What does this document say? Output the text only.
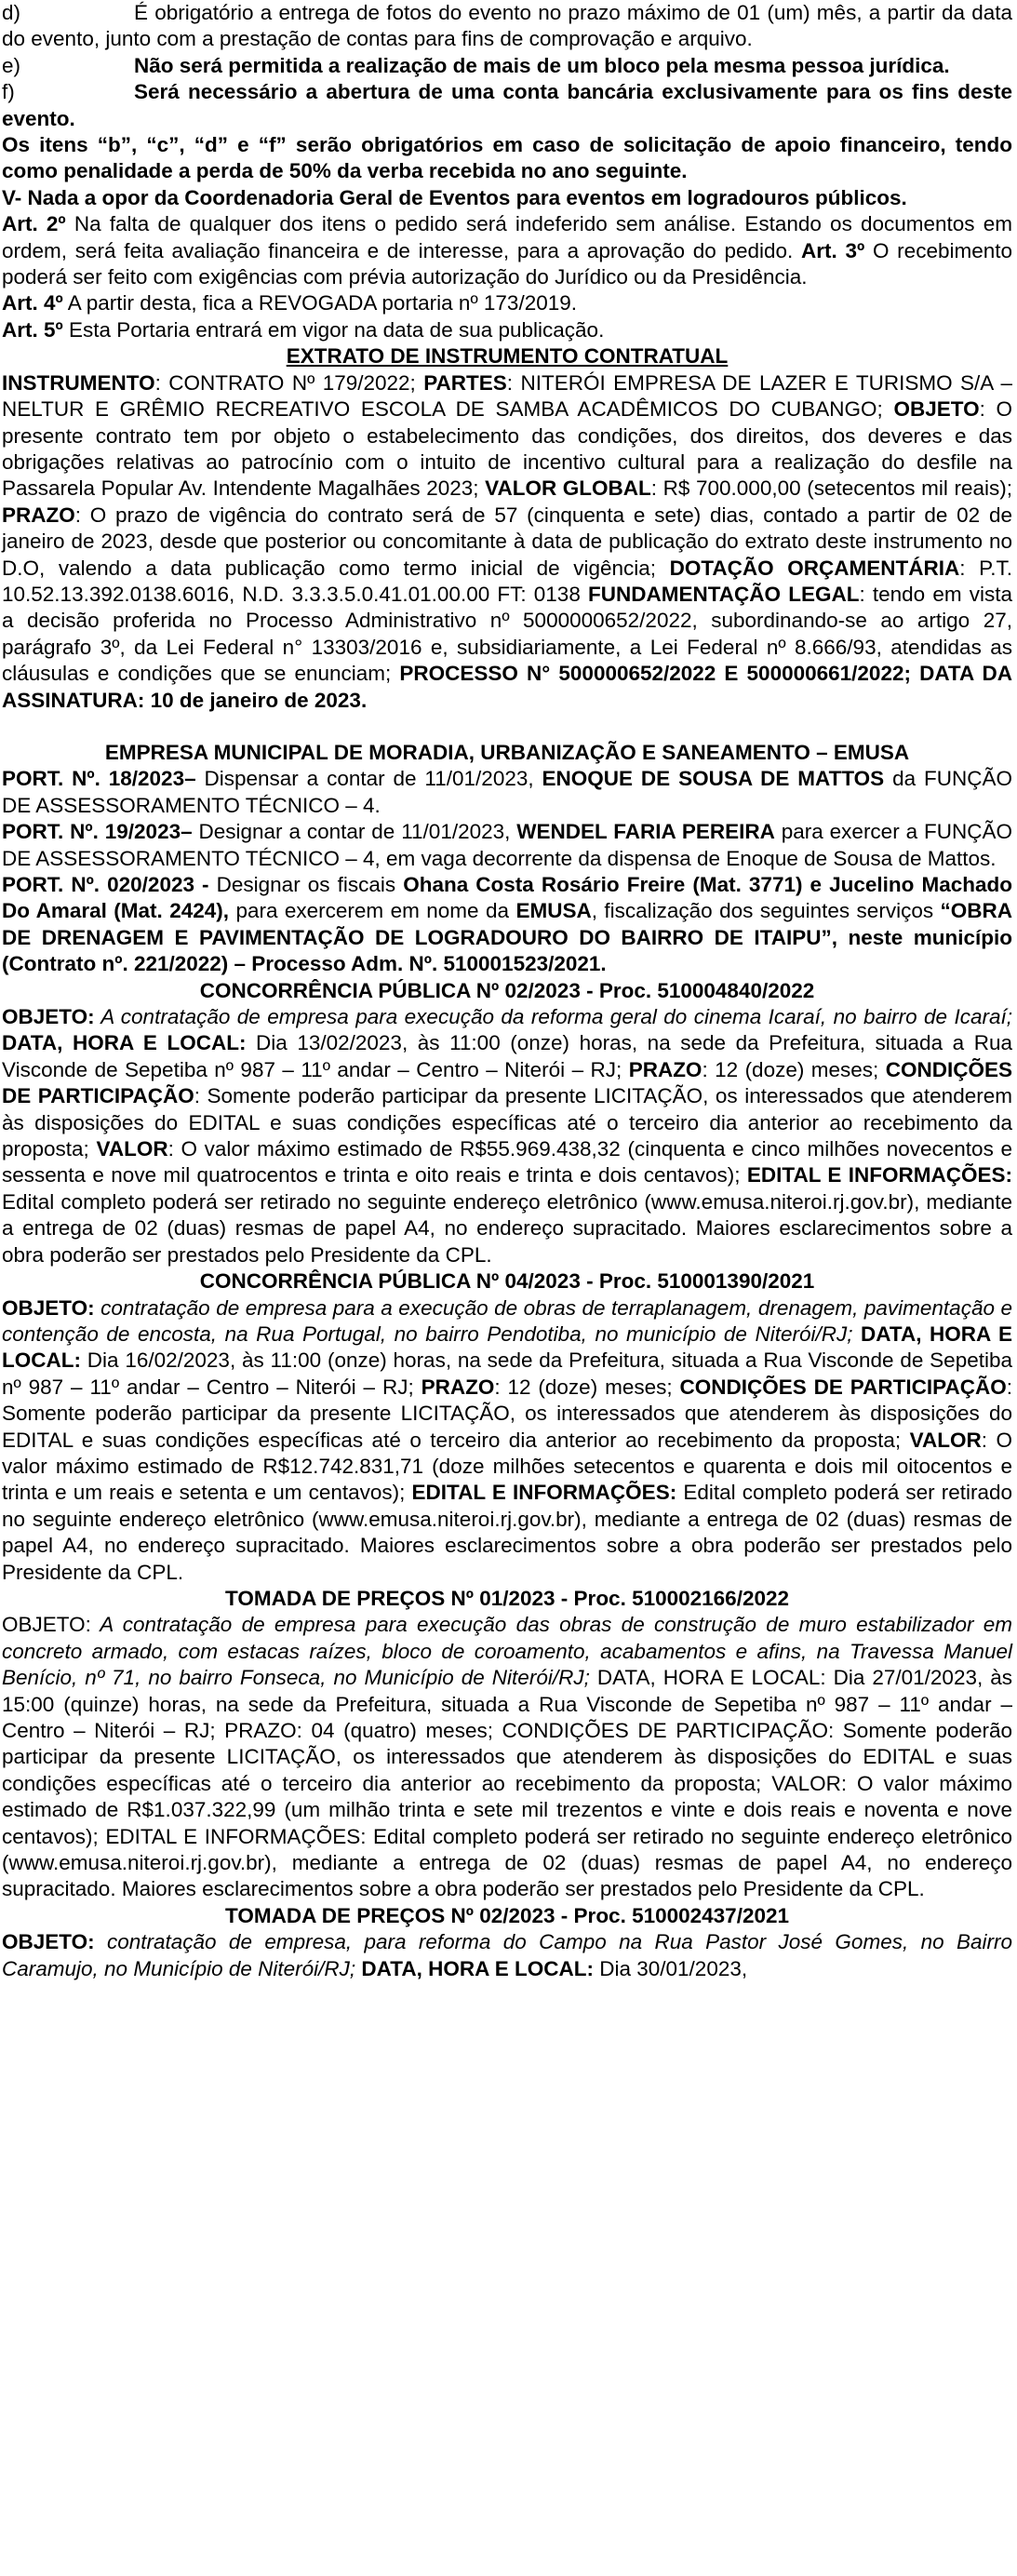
d)	É obrigatório a entrega de fotos do evento no prazo máximo de 01 (um) mês, a partir da data do evento, junto com a prestação de contas para fins de comprovação e arquivo.

e)	Não será permitida a realização de mais de um bloco pela mesma pessoa jurídica.

f)	Será necessário a abertura de uma conta bancária exclusivamente para os fins deste evento.

Os itens “b”, “c”, “d” e “f” serão obrigatórios em caso de solicitação de apoio financeiro, tendo como penalidade a perda de 50% da verba recebida no ano seguinte.

V- Nada a opor da Coordenadoria Geral de Eventos para eventos em logradouros públicos.

Art. 2º Na falta de qualquer dos itens o pedido será indeferido sem análise. Estando os documentos em ordem, será feita avaliação financeira e de interesse, para a aprovação do pedido. Art. 3º O recebimento poderá ser feito com exigências com prévia autorização do Jurídico ou da Presidência.

Art. 4º A partir desta, fica a REVOGADA portaria nº 173/2019.

Art. 5º Esta Portaria entrará em vigor na data de sua publicação.

EXTRATO DE INSTRUMENTO CONTRATUAL

INSTRUMENTO: CONTRATO Nº 179/2022; PARTES: NITERÓI EMPRESA DE LAZER E TURISMO S/A – NELTUR E GRÊMIO RECREATIVO ESCOLA DE SAMBA ACADÊMICOS DO CUBANGO; OBJETO: O presente contrato tem por objeto o estabelecimento das condições, dos direitos, dos deveres e das obrigações relativas ao patrocínio com o intuito de incentivo cultural para a realização do desfile na Passarela Popular Av. Intendente Magalhães 2023; VALOR GLOBAL: R$ 700.000,00 (setecentos mil reais); PRAZO: O prazo de vigência do contrato será de 57 (cinquenta e sete) dias, contado a partir de 02 de janeiro de 2023, desde que posterior ou concomitante à data de publicação do extrato deste instrumento no D.O, valendo a data publicação como termo inicial de vigência; DOTAÇÃO ORÇAMENTÁRIA: P.T. 10.52.13.392.0138.6016, N.D. 3.3.3.5.0.41.01.00.00 FT: 0138 FUNDAMENTAÇÃO LEGAL: tendo em vista a decisão proferida no Processo Administrativo nº 5000000652/2022, subordinando-se ao artigo 27, parágrafo 3º, da Lei Federal n° 13303/2016 e, subsidiariamente, a Lei Federal nº 8.666/93, atendidas as cláusulas e condições que se enunciam; PROCESSO N° 500000652/2022 E 500000661/2022; DATA DA ASSINATURA: 10 de janeiro de 2023.

EMPRESA MUNICIPAL DE MORADIA, URBANIZAÇÃO E SANEAMENTO – EMUSA

PORT. Nº. 18/2023– Dispensar a contar de 11/01/2023, ENOQUE DE SOUSA DE MATTOS da FUNÇÃO DE ASSESSORAMENTO TÉCNICO – 4.

PORT. Nº. 19/2023– Designar a contar de 11/01/2023, WENDEL FARIA PEREIRA para exercer a FUNÇÃO DE ASSESSORAMENTO TÉCNICO – 4, em vaga decorrente da dispensa de Enoque de Sousa de Mattos.

PORT. Nº. 020/2023 - Designar os fiscais Ohana Costa Rosário Freire (Mat. 3771) e Jucelino Machado Do Amaral (Mat. 2424), para exercerem em nome da EMUSA, fiscalização dos seguintes serviços “OBRA DE DRENAGEM E PAVIMENTAÇÃO DE LOGRADOURO DO BAIRRO DE ITAIPU”, neste município (Contrato nº. 221/2022) – Processo Adm. Nº. 510001523/2021.

CONCORRÊNCIA PÚBLICA Nº 02/2023 - Proc. 510004840/2022

OBJETO: A contratação de empresa para execução da reforma geral do cinema Icaraí, no bairro de Icaraí; DATA, HORA E LOCAL: Dia 13/02/2023, às 11:00 (onze) horas, na sede da Prefeitura, situada a Rua Visconde de Sepetiba nº 987 – 11º andar – Centro – Niterói – RJ; PRAZO: 12 (doze) meses; CONDIÇÕES DE PARTICIPAÇÃO: Somente poderão participar da presente LICITAÇÃO, os interessados que atenderem às disposições do EDITAL e suas condições específicas até o terceiro dia anterior ao recebimento da proposta; VALOR: O valor máximo estimado de R$55.969.438,32 (cinquenta e cinco milhões novecentos e sessenta e nove mil quatrocentos e trinta e oito reais e trinta e dois centavos); EDITAL E INFORMAÇÕES: Edital completo poderá ser retirado no seguinte endereço eletrônico (www.emusa.niteroi.rj.gov.br), mediante a entrega de 02 (duas) resmas de papel A4, no endereço supracitado. Maiores esclarecimentos sobre a obra poderão ser prestados pelo Presidente da CPL.

CONCORRÊNCIA PÚBLICA Nº 04/2023 - Proc. 510001390/2021

OBJETO: contratação de empresa para a execução de obras de terraplanagem, drenagem, pavimentação e contenção de encosta, na Rua Portugal, no bairro Pendotiba, no município de Niterói/RJ; DATA, HORA E LOCAL: Dia 16/02/2023, às 11:00 (onze) horas, na sede da Prefeitura, situada a Rua Visconde de Sepetiba nº 987 – 11º andar – Centro – Niterói – RJ; PRAZO: 12 (doze) meses; CONDIÇÕES DE PARTICIPAÇÃO: Somente poderão participar da presente LICITAÇÃO, os interessados que atenderem às disposições do EDITAL e suas condições específicas até o terceiro dia anterior ao recebimento da proposta; VALOR: O valor máximo estimado de R$12.742.831,71 (doze milhões setecentos e quarenta e dois mil oitocentos e trinta e um reais e setenta e um centavos); EDITAL E INFORMAÇÕES: Edital completo poderá ser retirado no seguinte endereço eletrônico (www.emusa.niteroi.rj.gov.br), mediante a entrega de 02 (duas) resmas de papel A4, no endereço supracitado. Maiores esclarecimentos sobre a obra poderão ser prestados pelo Presidente da CPL.

TOMADA DE PREÇOS Nº 01/2023 - Proc. 510002166/2022

OBJETO: A contratação de empresa para execução das obras de construção de muro estabilizador em concreto armado, com estacas raízes, bloco de coroamento, acabamentos e afins, na Travessa Manuel Benício, nº 71, no bairro Fonseca, no Município de Niterói/RJ; DATA, HORA E LOCAL: Dia 27/01/2023, às 15:00 (quinze) horas, na sede da Prefeitura, situada a Rua Visconde de Sepetiba nº 987 – 11º andar – Centro – Niterói – RJ; PRAZO: 04 (quatro) meses; CONDIÇÕES DE PARTICIPAÇÃO: Somente poderão participar da presente LICITAÇÃO, os interessados que atenderem às disposições do EDITAL e suas condições específicas até o terceiro dia anterior ao recebimento da proposta; VALOR: O valor máximo estimado de R$1.037.322,99 (um milhão trinta e sete mil trezentos e vinte e dois reais e noventa e nove centavos); EDITAL E INFORMAÇÕES: Edital completo poderá ser retirado no seguinte endereço eletrônico (www.emusa.niteroi.rj.gov.br), mediante a entrega de 02 (duas) resmas de papel A4, no endereço supracitado. Maiores esclarecimentos sobre a obra poderão ser prestados pelo Presidente da CPL.

TOMADA DE PREÇOS Nº 02/2023 - Proc. 510002437/2021

OBJETO: contratação de empresa, para reforma do Campo na Rua Pastor José Gomes, no Bairro Caramujo, no Município de Niterói/RJ; DATA, HORA E LOCAL: Dia 30/01/2023,
